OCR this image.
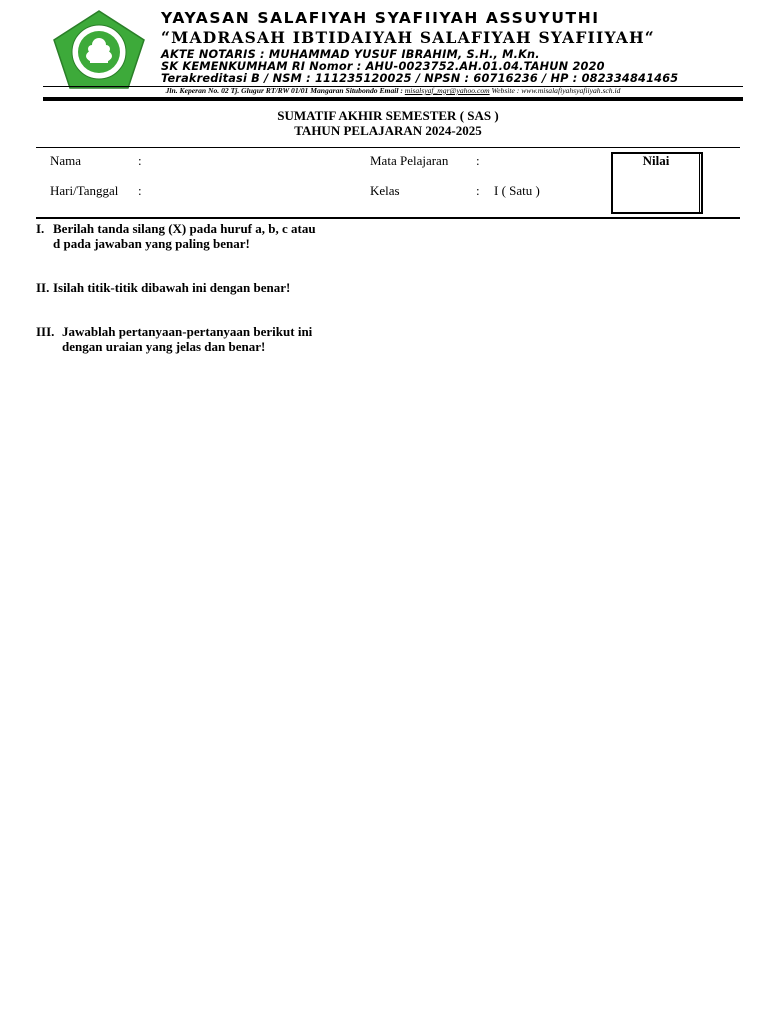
YAYASAN SALAFIYAH SYAFIIYAH ASSUYUTHI
“MADRASAH IBTIDAIYAH SALAFIYAH SYAFIIYAH“
AKTE NOTARIS : MUHAMMAD YUSUF IBRAHIM, S.H., M.Kn.
SK KEMENKUMHAM RI Nomor : AHU-0023752.AH.01.04.TAHUN 2020
Terakreditasi B / NSM : 111235120025 / NPSN : 60716236 / HP : 082334841465
Jln. Keperan No. 02 Tj. Glugur RT/RW 01/01 Mangaran Situbondo Email : misalsyaf_mgr@yahoo.com Website : www.misalafiyahsyafiiyah.sch.id
SUMATIF AKHIR SEMESTER ( SAS )
TAHUN PELAJARAN 2024-2025
Nama	:
Hari/Tanggal :
Mata Pelajaran :
Kelas	: I ( Satu )
Nilai
I. Berilah tanda silang (X) pada huruf a, b, c atau
d pada jawaban yang paling benar!
II. Isilah titik-titik dibawah ini dengan benar!
III. Jawablah pertanyaan-pertanyaan berikut ini
dengan uraian yang jelas dan benar!
